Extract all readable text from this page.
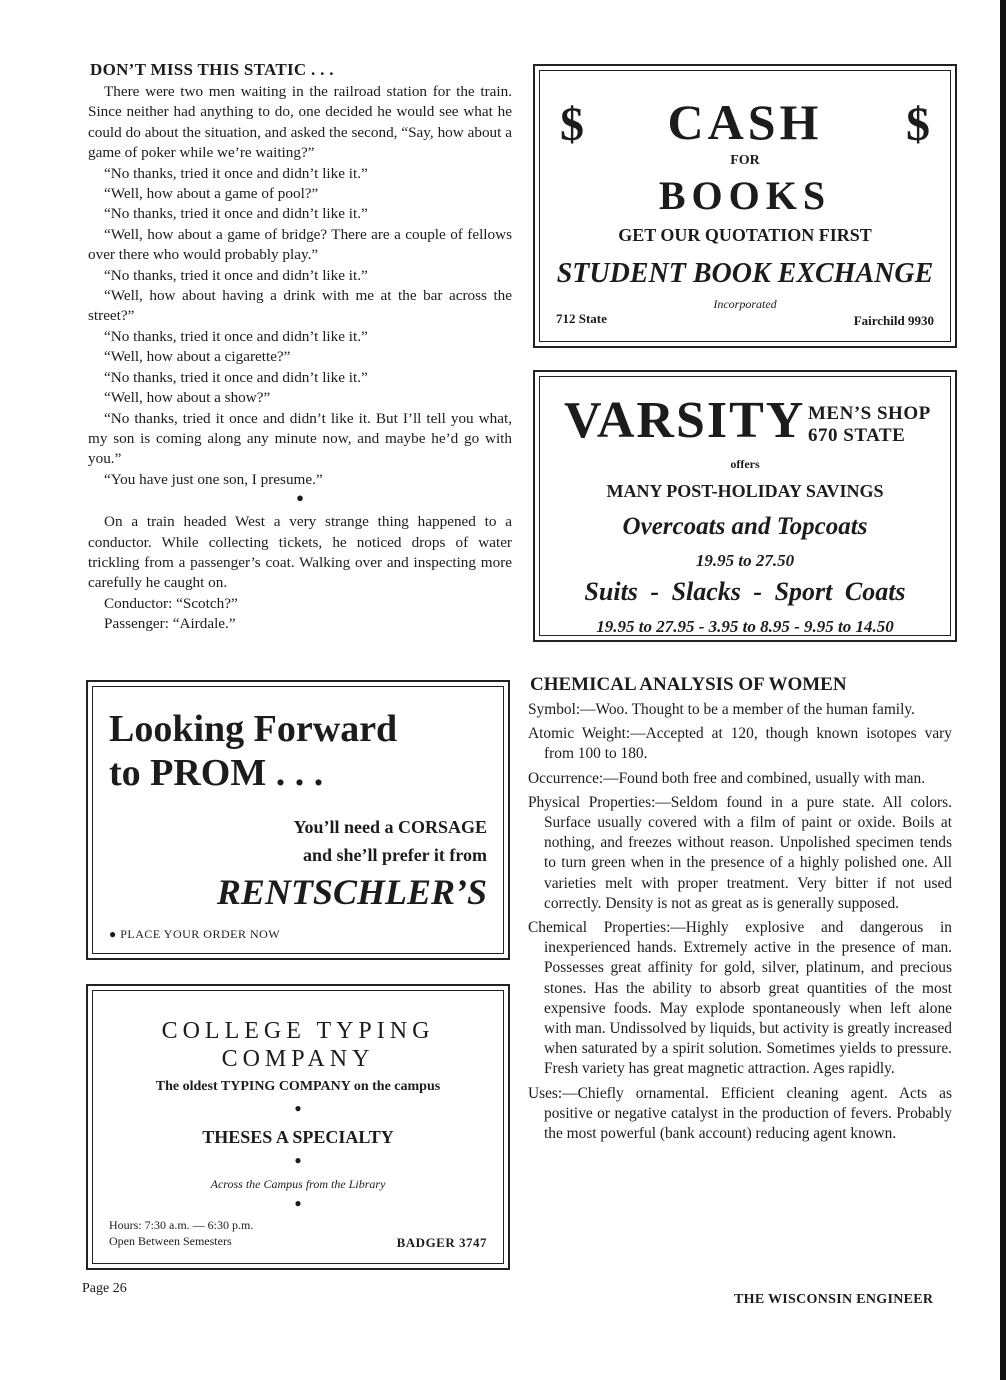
DON’T MISS THIS STATIC . . .

There were two men waiting in the railroad station for the train. Since neither had anything to do, one decided he would see what he could do about the situation, and asked the second, “Say, how about a game of poker while we’re waiting?”

“No thanks, tried it once and didn’t like it.”

“Well, how about a game of pool?”

“No thanks, tried it once and didn’t like it.”

“Well, how about a game of bridge? There are a couple of fellows over there who would probably play.”

“No thanks, tried it once and didn’t like it.”

“Well, how about having a drink with me at the bar across the street?”

“No thanks, tried it once and didn’t like it.”

“Well, how about a cigarette?”

“No thanks, tried it once and didn’t like it.”

“Well, how about a show?”

“No thanks, tried it once and didn’t like it. But I’ll tell you what, my son is coming along any minute now, and maybe he’d go with you.”

“You have just one son, I presume.”

●

On a train headed West a very strange thing happened to a conductor. While collecting tickets, he noticed drops of water trickling from a passenger’s coat. Walking over and inspecting more carefully he caught on.

Conductor: “Scotch?”

Passenger: “Airdale.”

$	$
CASH
FOR
BOOKS
GET OUR QUOTATION FIRST
STUDENT BOOK EXCHANGE
Incorporated
712 State	Fairchild 9930
VARSITY MEN’S SHOP
670 STATE
offers
MANY POST-HOLIDAY SAVINGS
Overcoats and Topcoats
19.95 to 27.50
Suits - Slacks - Sport Coats
19.95 to 27.95 - 3.95 to 8.95 - 9.95 to 14.50
Looking Forward
to PROM . . .
You’ll need a CORSAGE
and she’ll prefer it from
RENTSCHLER’S
● PLACE YOUR ORDER NOW
COLLEGE TYPING
COMPANY
The oldest TYPING COMPANY on the campus
●
THESES A SPECIALTY
●
Across the Campus from the Library
●
Hours: 7:30 a.m. — 6:30 p.m.
Open Between Semesters	BADGER 3747
CHEMICAL ANALYSIS OF WOMEN

Symbol:—Woo. Thought to be a member of the human family.

Atomic Weight:—Accepted at 120, though known isotopes vary from 100 to 180.

Occurrence:—Found both free and combined, usually with man.

Physical Properties:—Seldom found in a pure state. All colors. Surface usually covered with a film of paint or oxide. Boils at nothing, and freezes without reason. Unpolished specimen tends to turn green when in the presence of a highly polished one. All varieties melt with proper treatment. Very bitter if not used correctly. Density is not as great as is generally supposed.

Chemical Properties:—Highly explosive and dangerous in inexperienced hands. Extremely active in the presence of man. Possesses great affinity for gold, silver, platinum, and precious stones. Has the ability to absorb great quantities of the most expensive foods. May explode spontaneously when left alone with man. Undissolved by liquids, but activity is greatly increased when saturated by a spirit solution. Sometimes yields to pressure. Fresh variety has great magnetic attraction. Ages rapidly.

Uses:—Chiefly ornamental. Efficient cleaning agent. Acts as positive or negative catalyst in the production of fevers. Probably the most powerful (bank account) reducing agent known.

Page 26
THE WISCONSIN ENGINEER
